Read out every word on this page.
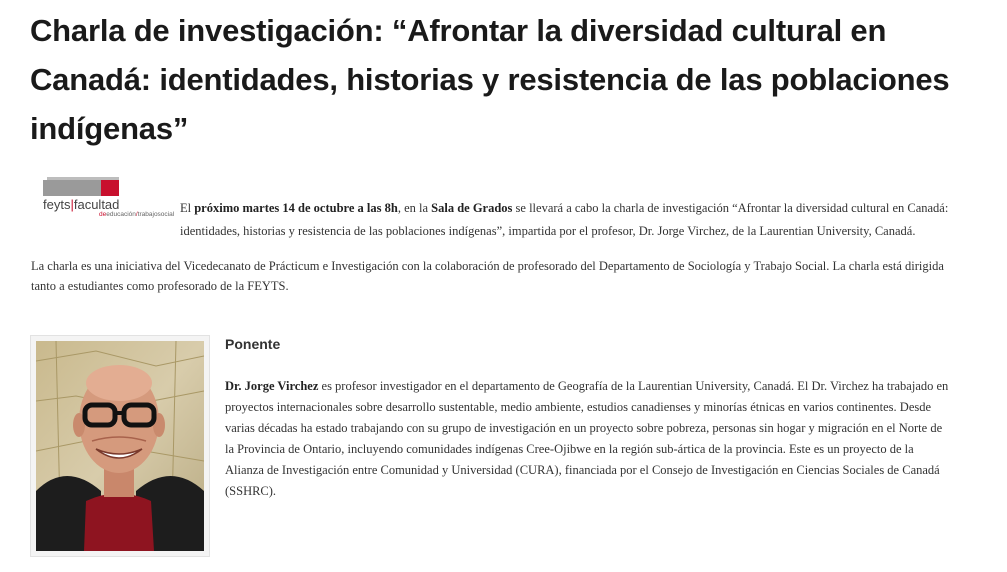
Charla de investigación: “Afrontar la diversidad cultural en Canadá: identidades, historias y resistencia de las poblaciones indígenas”
feyts|facultad
deeducación/trabajosocial El próximo martes 14 de octubre a las 8h, en la Sala de Grados se llevará a cabo la charla de investigación “Afrontar la diversidad cultural en Canadá: identidades, historias y resistencia de las poblaciones indígenas”, impartida por el profesor, Dr. Jorge Virchez, de la Laurentian University, Canadá.

La charla es una iniciativa del Vicedecanato de Prácticum e Investigación con la colaboración de profesorado del Departamento de Sociología y Trabajo Social. La charla está dirigida tanto a estudiantes como profesorado de la FEYTS.

Ponente

Dr. Jorge Virchez es profesor investigador en el departamento de Geografía de la Laurentian University, Canadá. El Dr. Virchez ha trabajado en proyectos internacionales sobre desarrollo sustentable, medio ambiente, estudios canadienses y minorías étnicas en varios continentes. Desde varias décadas ha estado trabajando con su grupo de investigación en un proyecto sobre pobreza, personas sin hogar y migración en el Norte de la Provincia de Ontario, incluyendo comunidades indígenas Cree-Ojibwe en la región sub-ártica de la provincia. Este es un proyecto de la Alianza de Investigación entre Comunidad y Universidad (CURA), financiada por el Consejo de Investigación en Ciencias Sociales de Canadá (SSHRC).
